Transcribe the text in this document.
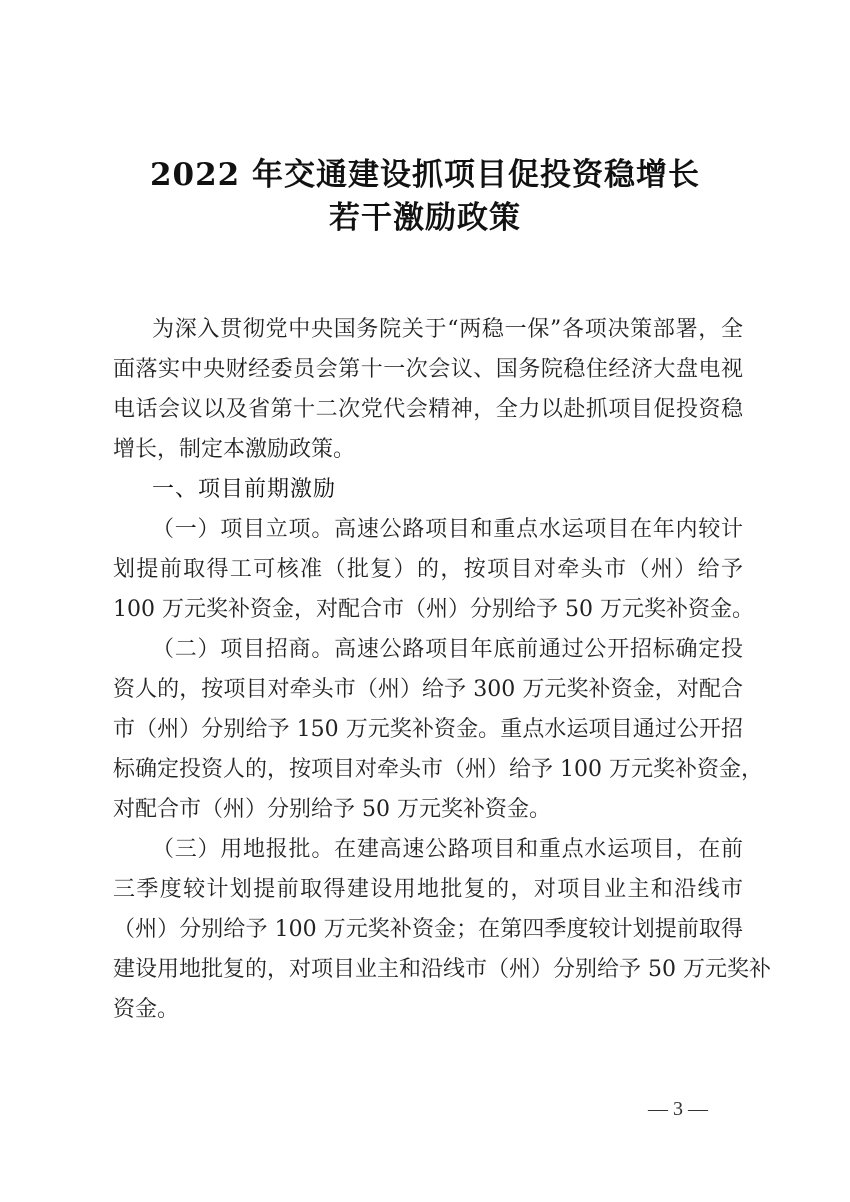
2022 年交通建设抓项目促投资稳增长
若干激励政策
为深入贯彻党中央国务院关于“两稳一保”各项决策部署，全
面落实中央财经委员会第十一次会议、国务院稳住经济大盘电视
电话会议以及省第十二次党代会精神，全力以赴抓项目促投资稳
增长，制定本激励政策。
一、项目前期激励
（一）项目立项。高速公路项目和重点水运项目在年内较计
划提前取得工可核准（批复）的，按项目对牵头市（州）给予
100 万元奖补资金，对配合市（州）分别给予 50 万元奖补资金。
（二）项目招商。高速公路项目年底前通过公开招标确定投
资人的，按项目对牵头市（州）给予 300 万元奖补资金，对配合
市（州）分别给予 150 万元奖补资金。重点水运项目通过公开招
标确定投资人的，按项目对牵头市（州）给予 100 万元奖补资金，
对配合市（州）分别给予 50 万元奖补资金。
（三）用地报批。在建高速公路项目和重点水运项目，在前
三季度较计划提前取得建设用地批复的，对项目业主和沿线市
（州）分别给予 100 万元奖补资金；在第四季度较计划提前取得
建设用地批复的，对项目业主和沿线市（州）分别给予 50 万元奖补
资金。
— 3 —
